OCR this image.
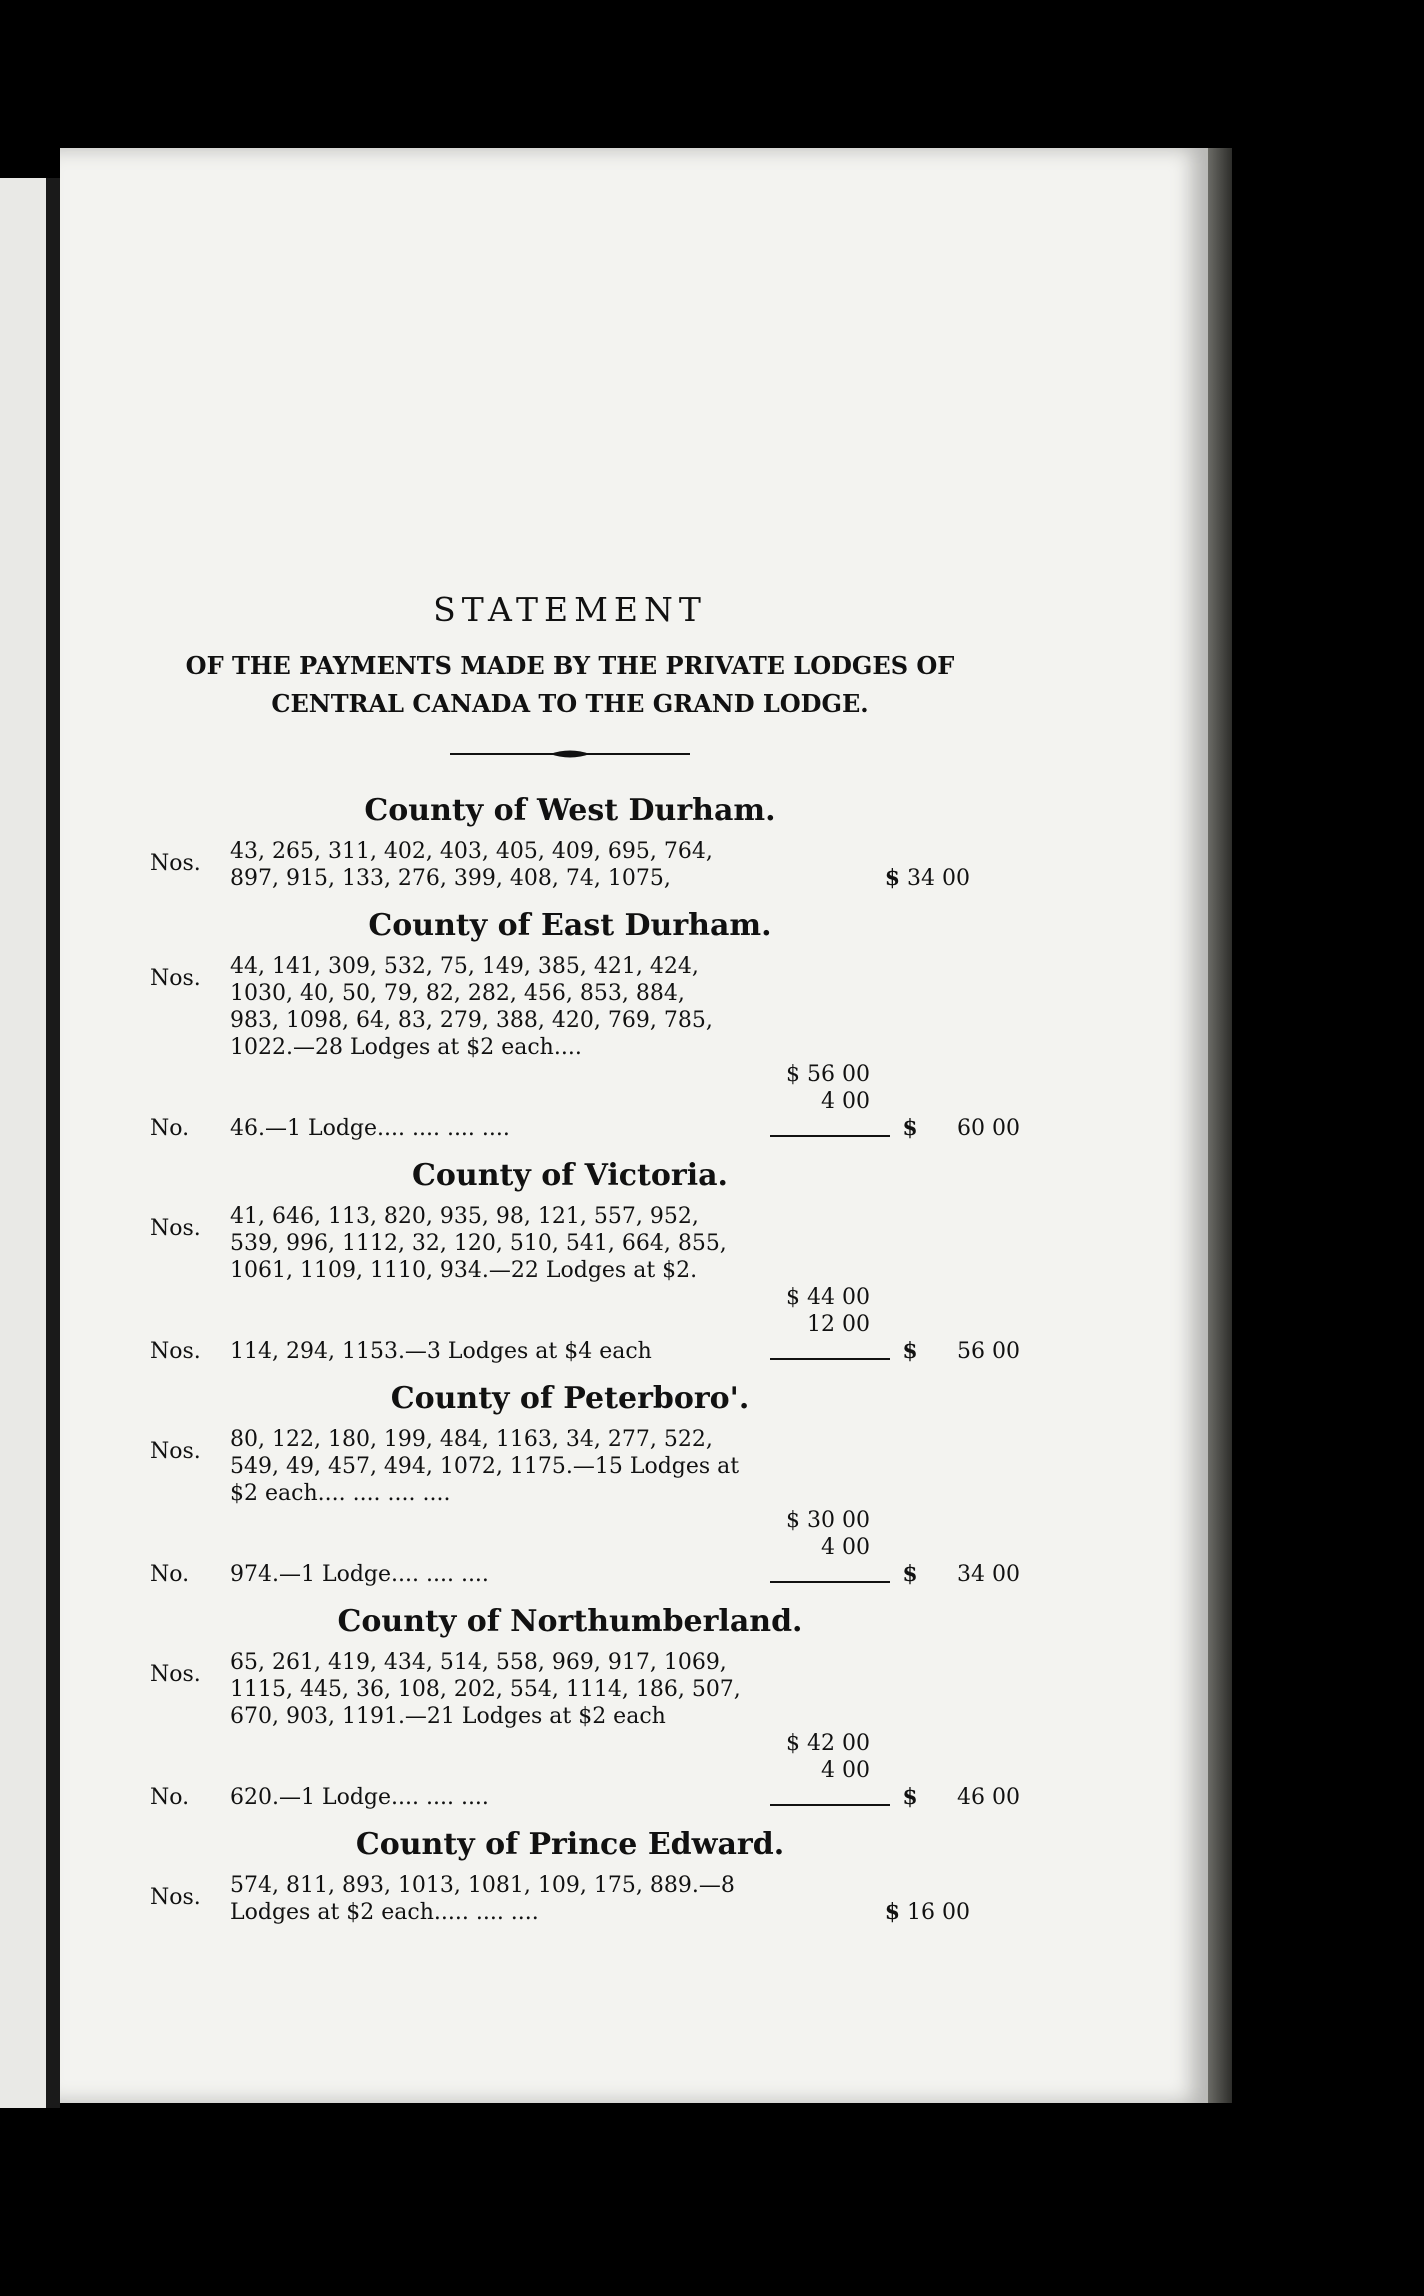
STATEMENT
OF THE PAYMENTS MADE BY THE PRIVATE LODGES OF
CENTRAL CANADA TO THE GRAND LODGE.
County of West Durham.
Nos.	43, 265, 311, 402, 403, 405, 409, 695, 764,
897, 915, 133, 276, 399, 408, 74, 1075,	$ 34 00
County of East Durham.
Nos.	44, 141, 309, 532, 75, 149, 385, 421, 424,
1030, 40, 50, 79, 82, 282, 456, 853, 884,
983, 1098, 64, 83, 279, 388, 420, 769, 785,
1022.—28 Lodges at $2 each....
$ 56 00
4 00
No.	46.—1 Lodge.... .... .... ....	$	60 00
County of Victoria.
Nos.	41, 646, 113, 820, 935, 98, 121, 557, 952,
539, 996, 1112, 32, 120, 510, 541, 664, 855,
1061, 1109, 1110, 934.—22 Lodges at $2.
$ 44 00
12 00
Nos.	114, 294, 1153.—3 Lodges at $4 each	$	56 00
County of Peterboro'.
Nos.	80, 122, 180, 199, 484, 1163, 34, 277, 522,
549, 49, 457, 494, 1072, 1175.—15 Lodges at
$2 each.... .... .... ....
$ 30 00
4 00
No.	974.—1 Lodge.... .... ....	$	34 00
County of Northumberland.
Nos.	65, 261, 419, 434, 514, 558, 969, 917, 1069,
1115, 445, 36, 108, 202, 554, 1114, 186, 507,
670, 903, 1191.—21 Lodges at $2 each
$ 42 00
4 00
No.	620.—1 Lodge.... .... ....	$	46 00
County of Prince Edward.
Nos.	574, 811, 893, 1013, 1081, 109, 175, 889.—8
Lodges at $2 each..... .... ....	$ 16 00
